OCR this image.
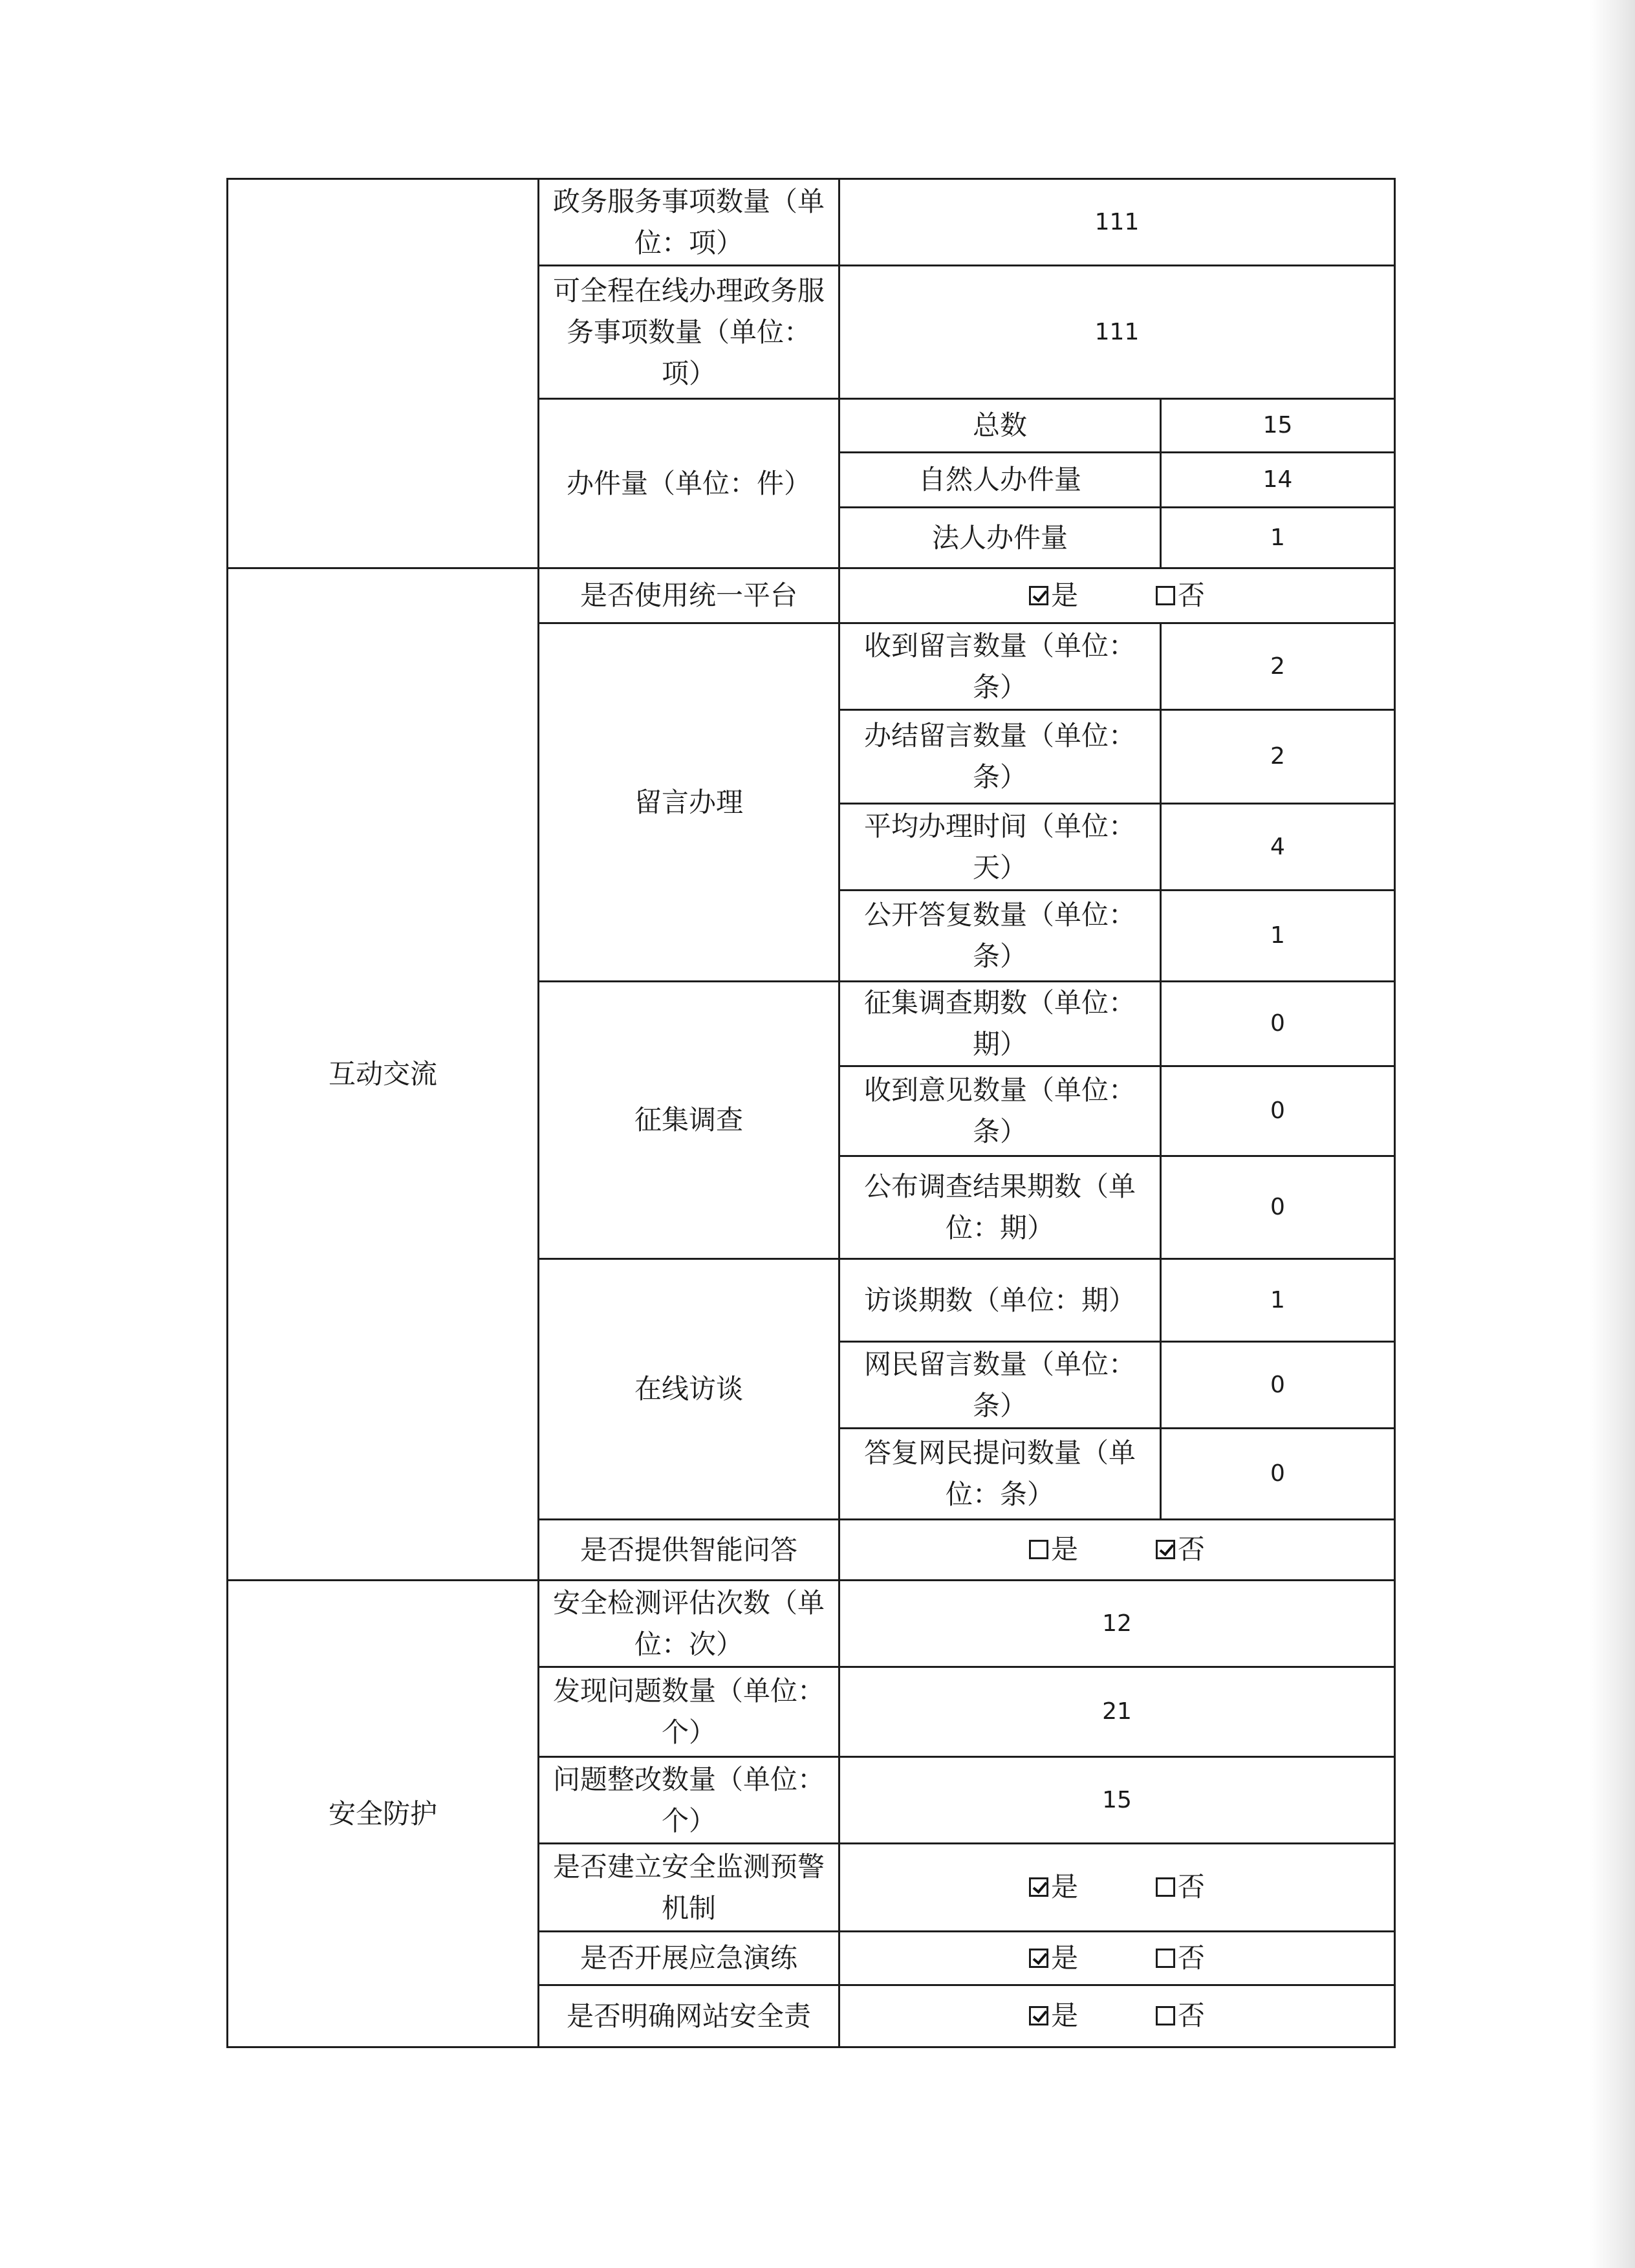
	政务服务事项数量（单位：项）	111	
	可全程在线办理政务服务事项数量（单位：项）	111	
	办件量（单位：件）	总数	15
		自然人办件量	14
		法人办件量	1
互动交流	是否使用统一平台	是 否	

	留言办理	收到留言数量（单位：条）	2
		办结留言数量（单位：条）	2
		平均办理时间（单位：天）	4
		公开答复数量（单位：条）	1
	征集调查	征集调查期数（单位：期）	0
		收到意见数量（单位：条）	0
		公布调查结果期数（单位：期）	0
	在线访谈	访谈期数（单位：期）	1
		网民留言数量（单位：条）	0
		答复网民提问数量（单位：条）	0
	是否提供智能问答	是 否	

安全防护	安全检测评估次数（单位：次）	12	
	发现问题数量（单位：个）	21	
	问题整改数量（单位：个）	15	
	是否建立安全监测预警机制	是 否	

	是否开展应急演练	是 否	

	是否明确网站安全责	是 否	
